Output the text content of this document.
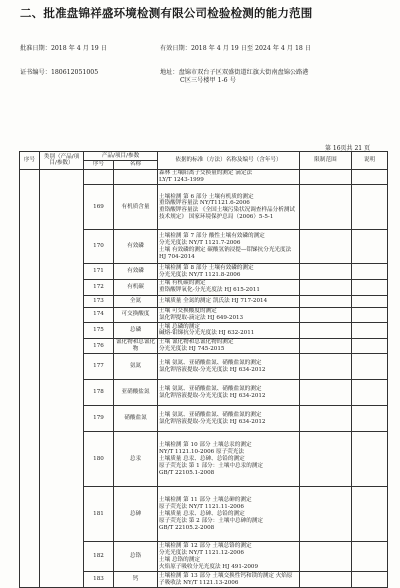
二、批准盘锦祥盛环境检测有限公司检验检测的能力范围
批准日期：2018 年 4 月 19 日	有效日期：2018 年 4 月 19 日至 2024 年 4 月 18 日
证书编号：180612051005	地址：盘锦市双台子区双盛街道红旗大街南盘锦公路港
C区三号楼甲 1-6 号
第 16页共 21 页
序号	类别（产品/项目/参数）	产品/项目/参数		依据的标准（方法）名称及编号（含年号）	限制范围	说明
		序号	名称			

				森林 土壤阳离子交换量的测定 滴定法
LY/T 1243-1999		

		169	有机质含量	土壤检测 第 6 部分 土壤有机质的测定
重铬酸钾容量法 NY/T1121.6-2006
重铬酸钾容量法 《全国土壤污染状况调查样品分析测试技术规定》 国家环境保护总局（2006）5-5-1		

		170	有效磷	土壤检测 第 7 部分 酸性土壤有效磷的测定
分光光度法 NY/T 1121.7-2006
土壤 有效磷的测定 碳酸氢钠浸提—钼锑抗分光光度法 HJ 704-2014		

		171	有效磷	土壤检测 第 8 部分 土壤有效磷的测定
分光光度法 NY/T 1121.8-2006		

		172	有机碳	土壤 有机碳的测定
重铬酸钾氧化-分光光度法 HJ 615-2011		

		173	全氮	土壤质量 全氮的测定 凯氏法 HJ 717-2014		

		174	可交换酸度	土壤 可交换酸度的测定
氯化钾提取-滴定法 HJ 649-2013		

		175	总磷	土壤 总磷的测定
碱熔-钼锑抗分光光度法 HJ 632-2011		

		176	氰化物和总氰化物	土壤 氰化物和总氰化物的测定
分光光度法 HJ 745-2015		

		177	氨氮	土壤 氨氮、亚硝酸盐氮、硝酸盐氮的测定
氯化钾溶液提取-分光光度法 HJ 634-2012		

		178	亚硝酸盐氮	土壤 氨氮、亚硝酸盐氮、硝酸盐氮的测定
氯化钾溶液提取-分光光度法 HJ 634-2012		

		179	硝酸盐氮	土壤 氨氮、亚硝酸盐氮、硝酸盐氮的测定
氯化钾溶液提取-分光光度法 HJ 634-2012		

		180	总汞	土壤检测 第 10 部分 土壤总汞的测定
NY/T 1121.10-2006 原子荧光法
土壤质量 总汞、总砷、总铅的测定
原子荧光法 第 1 部分：土壤中总汞的测定
GB/T 22105.1-2008		

		181	总砷	土壤检测 第 11 部分 土壤总砷的测定
原子荧光法 NY/T 1121.11-2006
土壤质量 总汞、总砷、总铅的测定
原子荧光法 第 2 部分：土壤中总砷的测定
GB/T 22105.2-2008		

		182	总铬	土壤检测 第 12 部分 土壤总铬的测定
分光光度法 NY/T 1121.12-2006
土壤 总铬的测定
火焰原子吸收分光光度法 HJ 491-2009		

		183	钙	土壤检测 第 13 部分 土壤交换性钙和镁的测定 火焰原子吸收法 NY/T 1121.13-2006		
